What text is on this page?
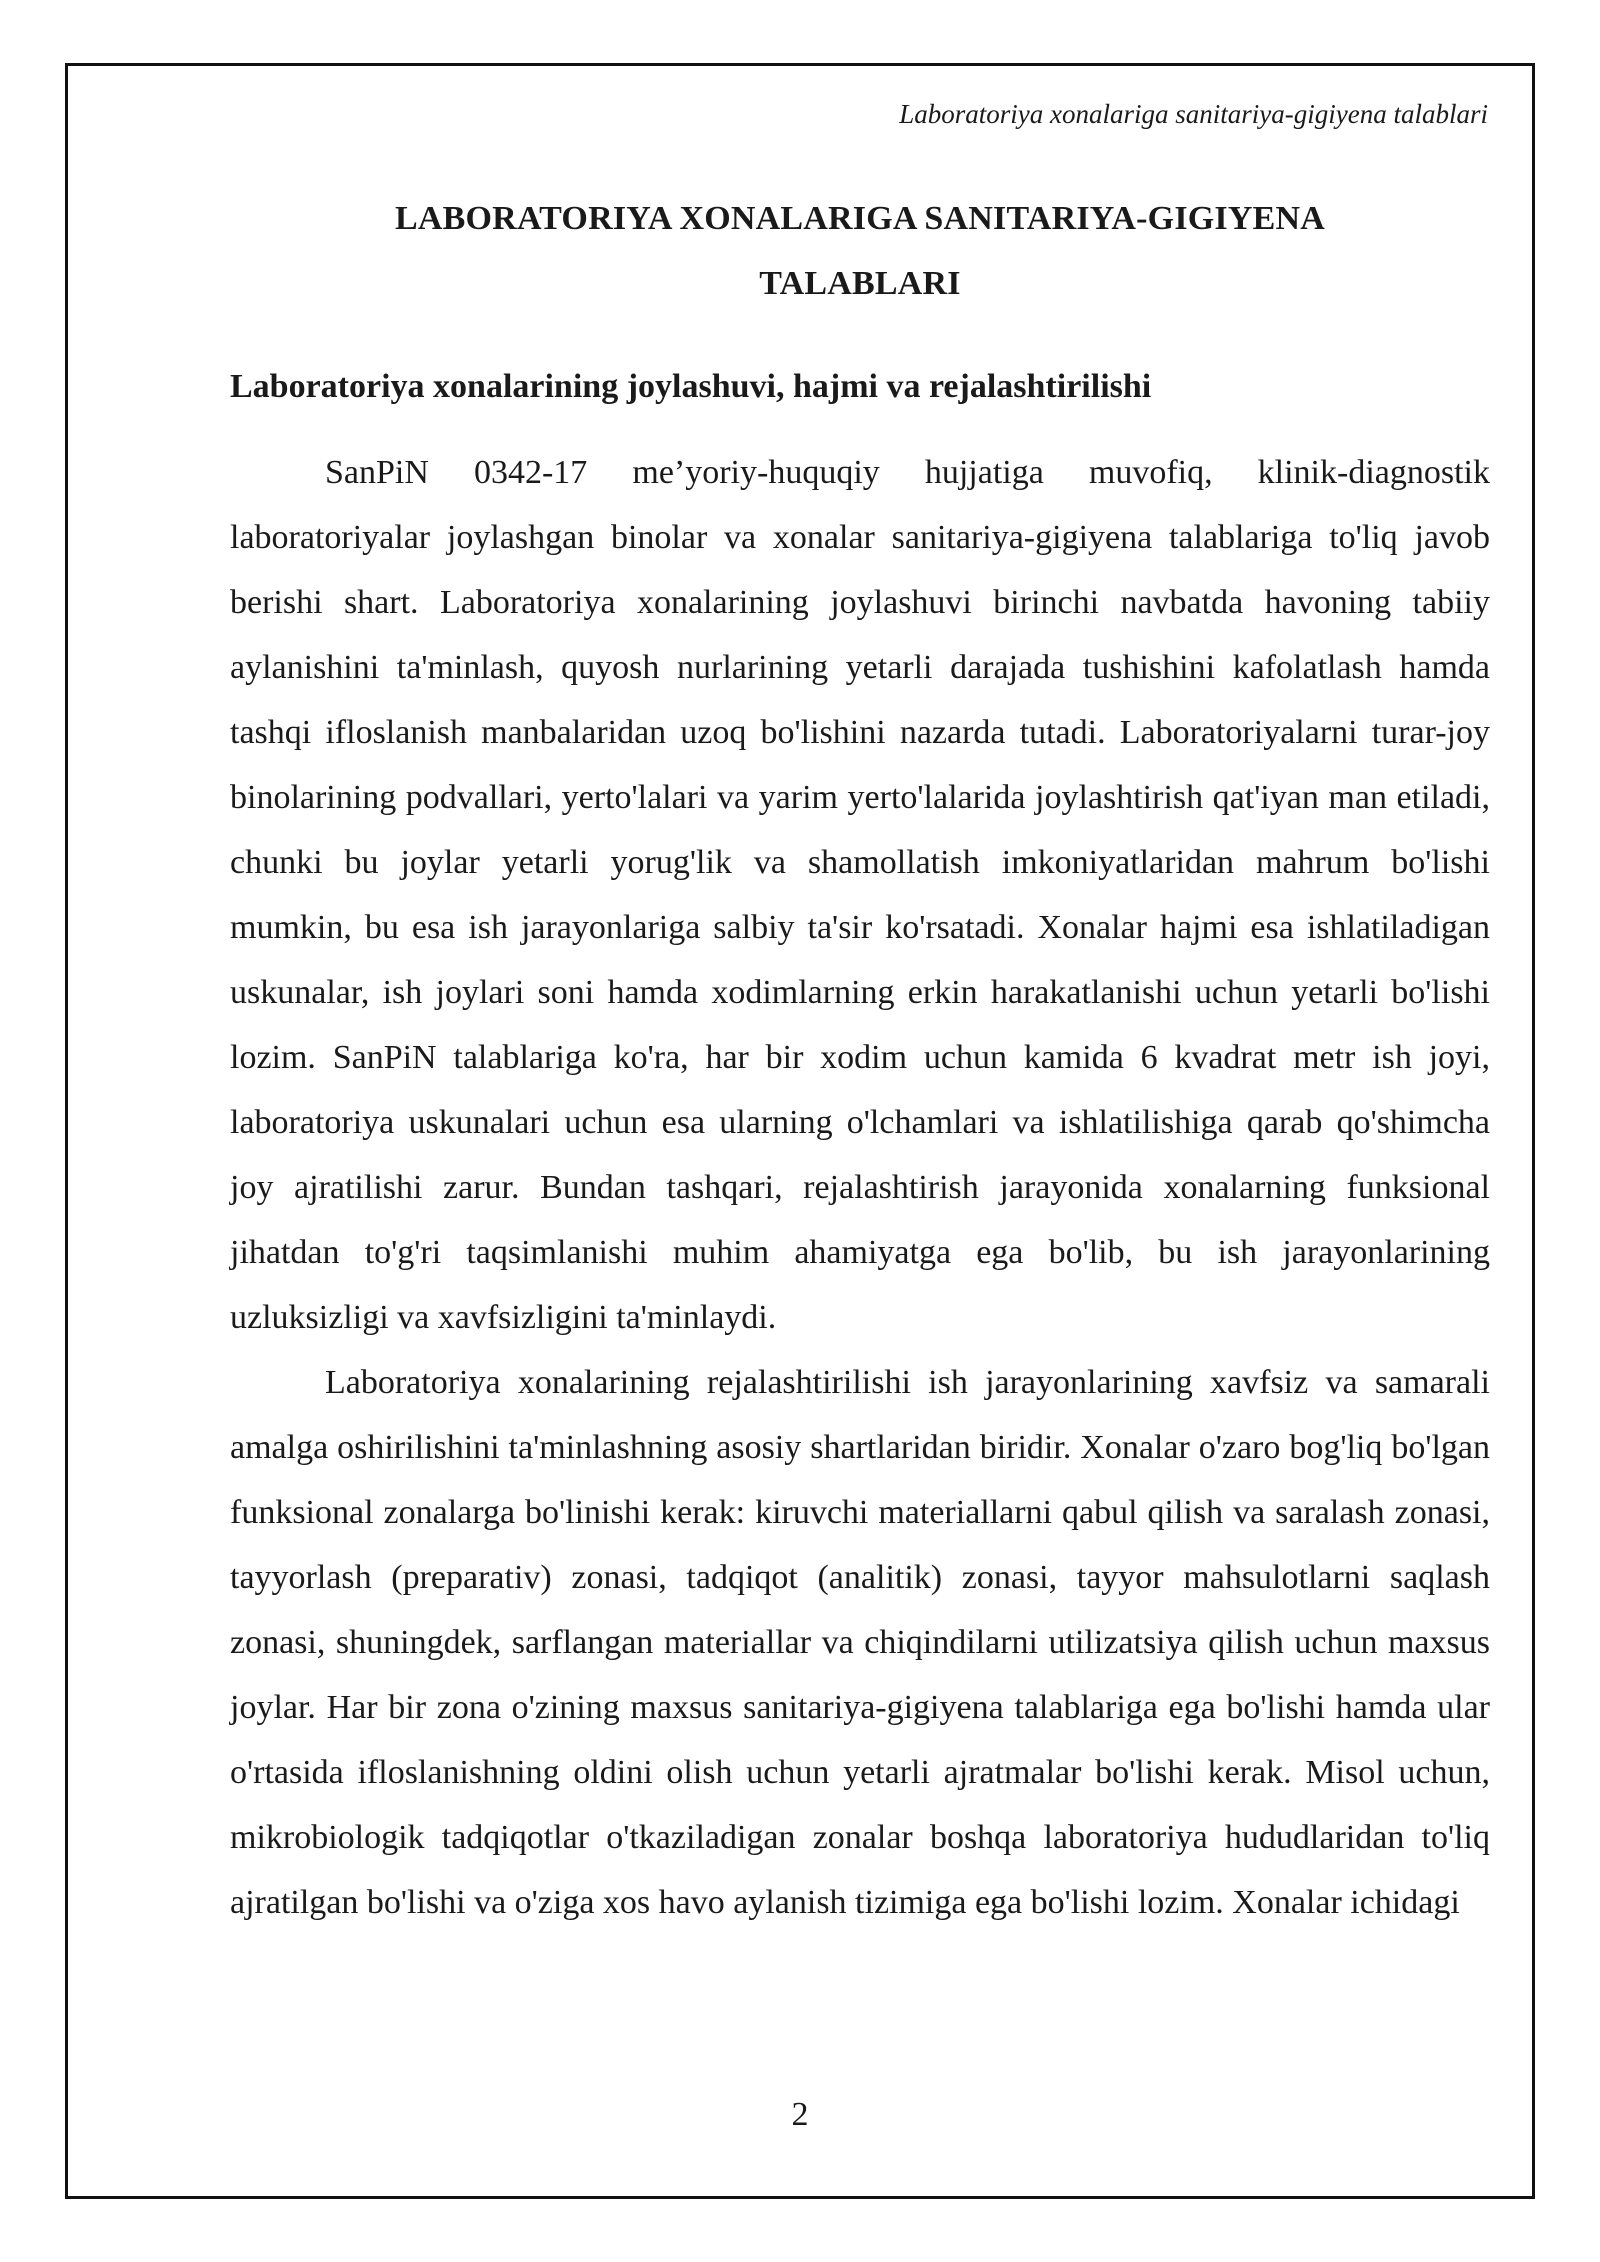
Laboratoriya xonalariga sanitariya-gigiyena talablari
LABORATORIYA XONALARIGA SANITARIYA-GIGIYENA
TALABLARI
Laboratoriya xonalarining joylashuvi, hajmi va rejalashtirilishi

SanPiN 0342-17 me’yoriy-huquqiy hujjatiga muvofiq, klinik-diagnostik laboratoriyalar joylashgan binolar va xonalar sanitariya-gigiyena talablariga to'liq javob berishi shart. Laboratoriya xonalarining joylashuvi birinchi navbatda havoning tabiiy aylanishini ta'minlash, quyosh nurlarining yetarli darajada tushishini kafolatlash hamda tashqi ifloslanish manbalaridan uzoq bo'lishini nazarda tutadi. Laboratoriyalarni turar-joy binolarining podvallari, yerto'lalari va yarim yerto'lalarida joylashtirish qat'iyan man etiladi, chunki bu joylar yetarli yorug'lik va shamollatish imkoniyatlaridan mahrum bo'lishi mumkin, bu esa ish jarayonlariga salbiy ta'sir ko'rsatadi. Xonalar hajmi esa ishlatiladigan uskunalar, ish joylari soni hamda xodimlarning erkin harakatlanishi uchun yetarli bo'lishi lozim. SanPiN talablariga ko'ra, har bir xodim uchun kamida 6 kvadrat metr ish joyi, laboratoriya uskunalari uchun esa ularning o'lchamlari va ishlatilishiga qarab qo'shimcha joy ajratilishi zarur. Bundan tashqari, rejalashtirish jarayonida xonalarning funksional jihatdan to'g'ri taqsimlanishi muhim ahamiyatga ega bo'lib, bu ish jarayonlarining uzluksizligi va xavfsizligini ta'minlaydi.

Laboratoriya xonalarining rejalashtirilishi ish jarayonlarining xavfsiz va samarali amalga oshirilishini ta'minlashning asosiy shartlaridan biridir. Xonalar o'zaro bog'liq bo'lgan funksional zonalarga bo'linishi kerak: kiruvchi materiallarni qabul qilish va saralash zonasi, tayyorlash (preparativ) zonasi, tadqiqot (analitik) zonasi, tayyor mahsulotlarni saqlash zonasi, shuningdek, sarflangan materiallar va chiqindilarni utilizatsiya qilish uchun maxsus joylar. Har bir zona o'zining maxsus sanitariya-gigiyena talablariga ega bo'lishi hamda ular o'rtasida ifloslanishning oldini olish uchun yetarli ajratmalar bo'lishi kerak. Misol uchun, mikrobiologik tadqiqotlar o'tkaziladigan zonalar boshqa laboratoriya hududlaridan to'liq ajratilgan bo'lishi va o'ziga xos havo aylanish tizimiga ega bo'lishi lozim. Xonalar ichidagi

2
